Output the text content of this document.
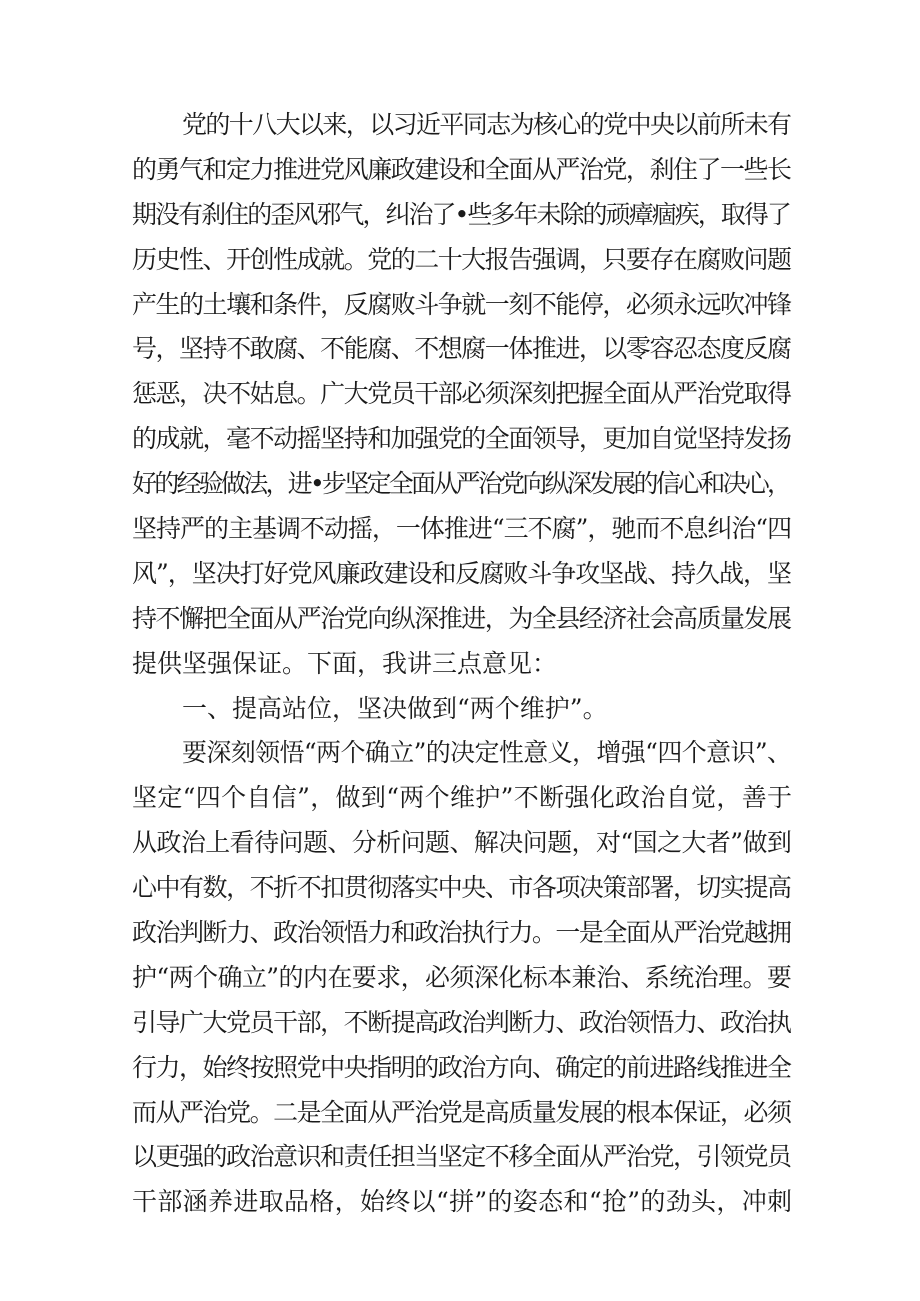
党的十八大以来，以习近平同志为核心的党中央以前所未有
的勇气和定力推进党风廉政建设和全面从严治党，刹住了一些长
期没有刹住的歪风邪气，纠治了•些多年未除的顽瘴痼疾，取得了
历史性、开创性成就。党的二十大报告强调，只要存在腐败问题
产生的土壤和条件，反腐败斗争就一刻不能停，必须永远吹冲锋
号，坚持不敢腐、不能腐、不想腐一体推进，以零容忍态度反腐
惩恶，决不姑息。广大党员干部必须深刻把握全面从严治党取得
的成就，毫不动摇坚持和加强党的全面领导，更加自觉坚持发扬
好的经验做法，进•步坚定全面从严治党向纵深发展的信心和决心，
坚持严的主基调不动摇，一体推进“三不腐”，驰而不息纠治“四
风”，坚决打好党风廉政建设和反腐败斗争攻坚战、持久战，坚
持不懈把全面从严治党向纵深推进，为全县经济社会高质量发展
提供坚强保证。下面，我讲三点意见：
一、提高站位，坚决做到“两个维护”。
要深刻领悟“两个确立”的决定性意义，增强“四个意识”、
坚定“四个自信”，做到“两个维护”不断强化政治自觉，善于
从政治上看待问题、分析问题、解决问题，对“国之大者”做到
心中有数，不折不扣贯彻落实中央、市各项决策部署，切实提高
政治判断力、政治领悟力和政治执行力。一是全面从严治党越拥
护“两个确立”的内在要求，必须深化标本兼治、系统治理。要
引导广大党员干部，不断提高政治判断力、政治领悟力、政治执
行力，始终按照党中央指明的政治方向、确定的前进路线推进全
而从严治党。二是全面从严治党是高质量发展的根本保证，必须
以更强的政治意识和责任担当坚定不移全面从严治党，引领党员
干部涵养进取品格，始终以“拼”的姿态和“抢”的劲头，冲刺
